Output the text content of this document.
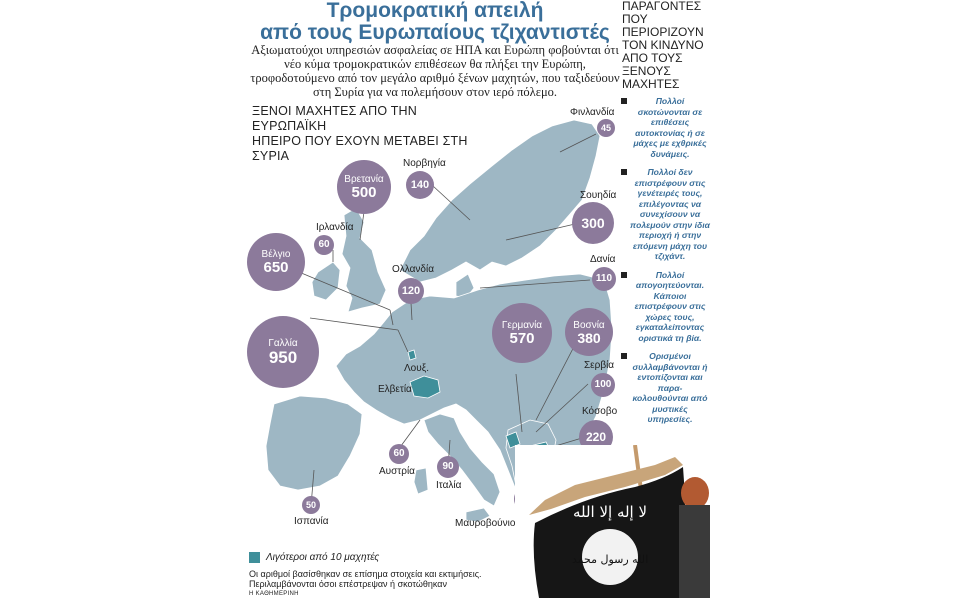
Τρομοκρατική απειλή
από τους Ευρωπαίους τζιχαντιστές
Αξιωματούχοι υπηρεσιών ασφαλείας σε ΗΠΑ και Ευρώπη φοβούνται ότι νέο κύμα τρομοκρατικών επιθέσεων θα πλήξει την Ευρώπη, τροφοδοτούμενο από τον μεγάλο αριθμό ξένων μαχητών, που ταξιδεύουν στη Συρία για να πολεμήσουν στον ιερό πόλεμο.
ΞΕΝΟΙ ΜΑΧΗΤΕΣ ΑΠΟ ΤΗΝ ΕΥΡΩΠΑΪΚΗ
ΗΠΕΙΡΟ ΠΟΥ ΕΧΟΥΝ ΜΕΤΑΒΕΙ ΣΤΗ ΣΥΡΙΑ
Βρετανία
500
Βέλγιο
650
Γαλλία
950
Γερμανία
570
Βοσνία
380
140
60
120
45
300
110
100
220
60
90
50
Νορβηγία
Ιρλανδία
Ολλανδία
Φινλανδία
Σουηδία
Δανία
Σερβία
Κόσοβο
Αυστρία
Ιταλία
Ισπανία
Λουξ.
Ελβετία
Μαυροβούνιο
ΠΑΡΑΓΟΝΤΕΣ
ΠΟΥ
ΠΕΡΙΟΡΙΖΟΥΝ
ΤΟΝ ΚΙΝΔΥΝΟ
ΑΠΟ ΤΟΥΣ
ΞΕΝΟΥΣ
ΜΑΧΗΤΕΣ
Πολλοί σκοτώνονται σε επιθέσεις αυτοκτονίας ή σε μάχες με εχθρικές δυνάμεις.
Πολλοί δεν επιστρέφουν στις γενέτειρές τους, επιλέγοντας να συνεχίσουν να πολεμούν στην ίδια περιοχή ή στην επόμενη μάχη του τζιχάντ.
Πολλοί απογοητεύονται. Κάποιοι επιστρέφουν στις χώρες τους, εγκαταλείποντας οριστικά τη βία.
Ορισμένοι συλλαμβάνονται ή εντοπίζονται και παρα-κολουθούνται από μυστικές υπηρεσίες.
لا إله إلا الله
الله رسول محمد
Λιγότεροι από 10 μαχητές
Οι αριθμοί βασίσθηκαν σε επίσημα στοιχεία και εκτιμήσεις.
Περιλαμβάνονται όσοι επέστρεψαν ή σκοτώθηκαν
Η ΚΑΘΗΜΕΡΙΝΗ
